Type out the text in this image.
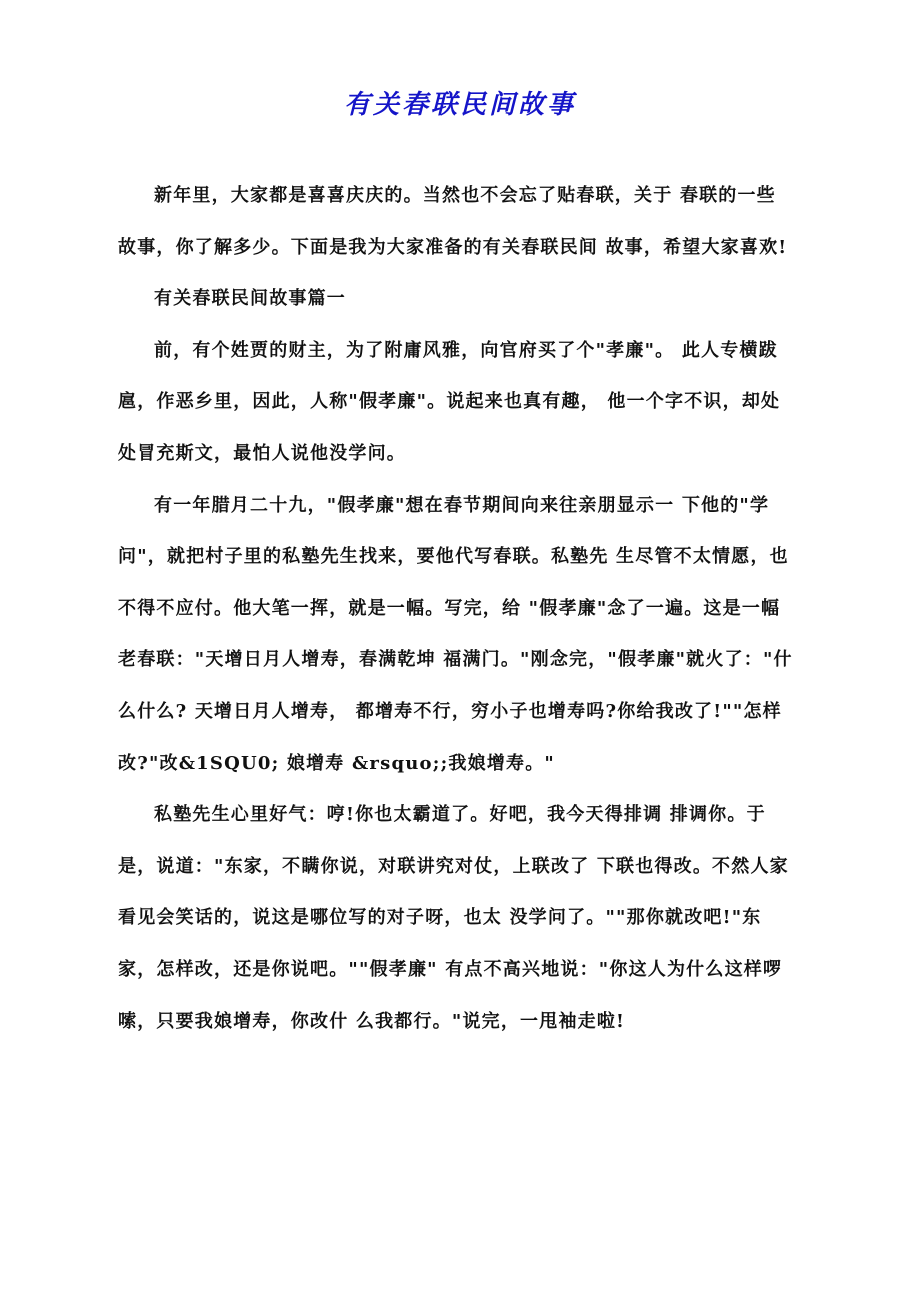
有关春联民间故事

新年里，大家都是喜喜庆庆的。当然也不会忘了贴春联，关于 春联的一些故事，你了解多少。下面是我为大家准备的有关春联民间 故事，希望大家喜欢!

有关春联民间故事篇一

前，有个姓贾的财主，为了附庸风雅，向官府买了个"孝廉"。 此人专横跋扈，作恶乡里，因此，人称"假孝廉"。说起来也真有趣， 他一个字不识，却处处冒充斯文，最怕人说他没学问。

有一年腊月二十九，"假孝廉"想在春节期间向来往亲朋显示一 下他的"学问"，就把村子里的私塾先生找来，要他代写春联。私塾先 生尽管不太情愿，也不得不应付。他大笔一挥，就是一幅。写完，给 "假孝廉"念了一遍。这是一幅老春联："天增日月人增寿，春满乾坤 福满门。"刚念完，"假孝廉"就火了："什么什么? 天增日月人增寿， 都增寿不行，穷小子也增寿吗?你给我改了!""怎样改?"改&1SQU0; 娘增寿 &rsquo;;我娘增寿。"

私塾先生心里好气：哼!你也太霸道了。好吧，我今天得排调 排调你。于是，说道："东家，不瞒你说，对联讲究对仗，上联改了 下联也得改。不然人家看见会笑话的，说这是哪位写的对子呀，也太 没学问了。""那你就改吧!"东家，怎样改，还是你说吧。""假孝廉" 有点不高兴地说："你这人为什么这样啰嗦，只要我娘增寿，你改什 么我都行。"说完，一甩袖走啦!
